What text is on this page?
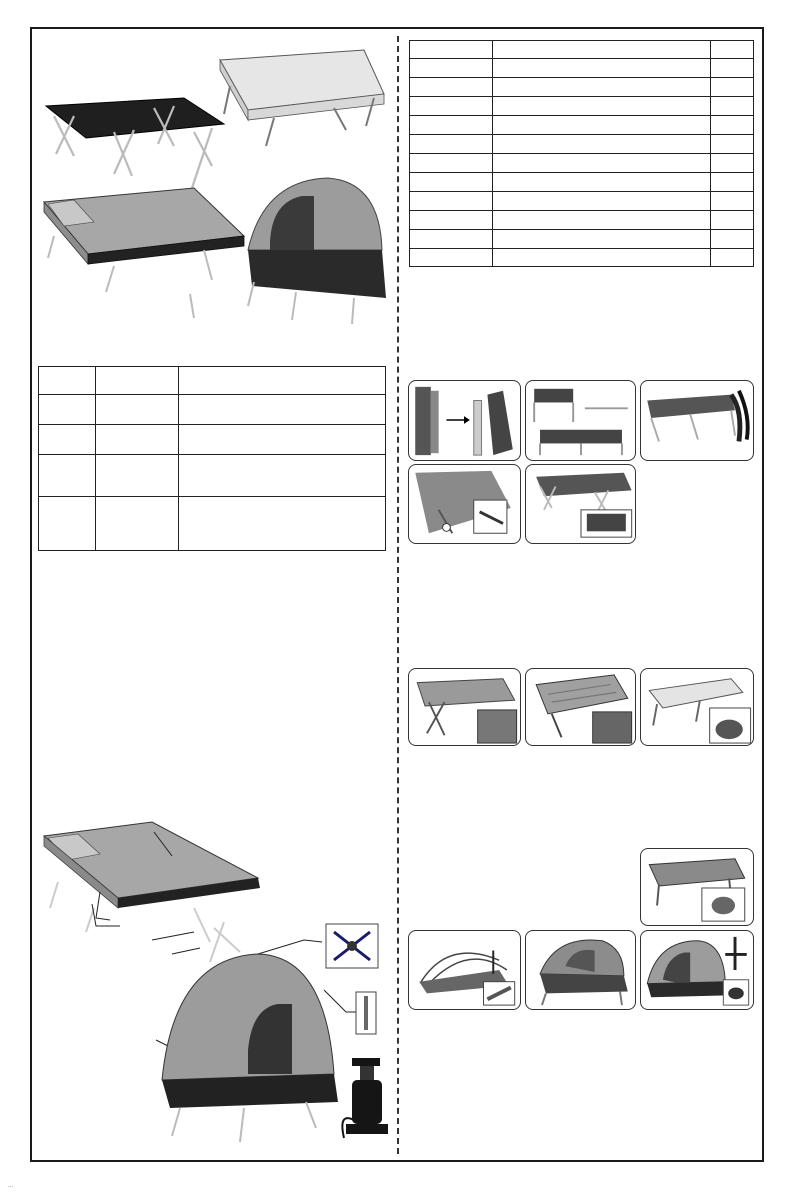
...
